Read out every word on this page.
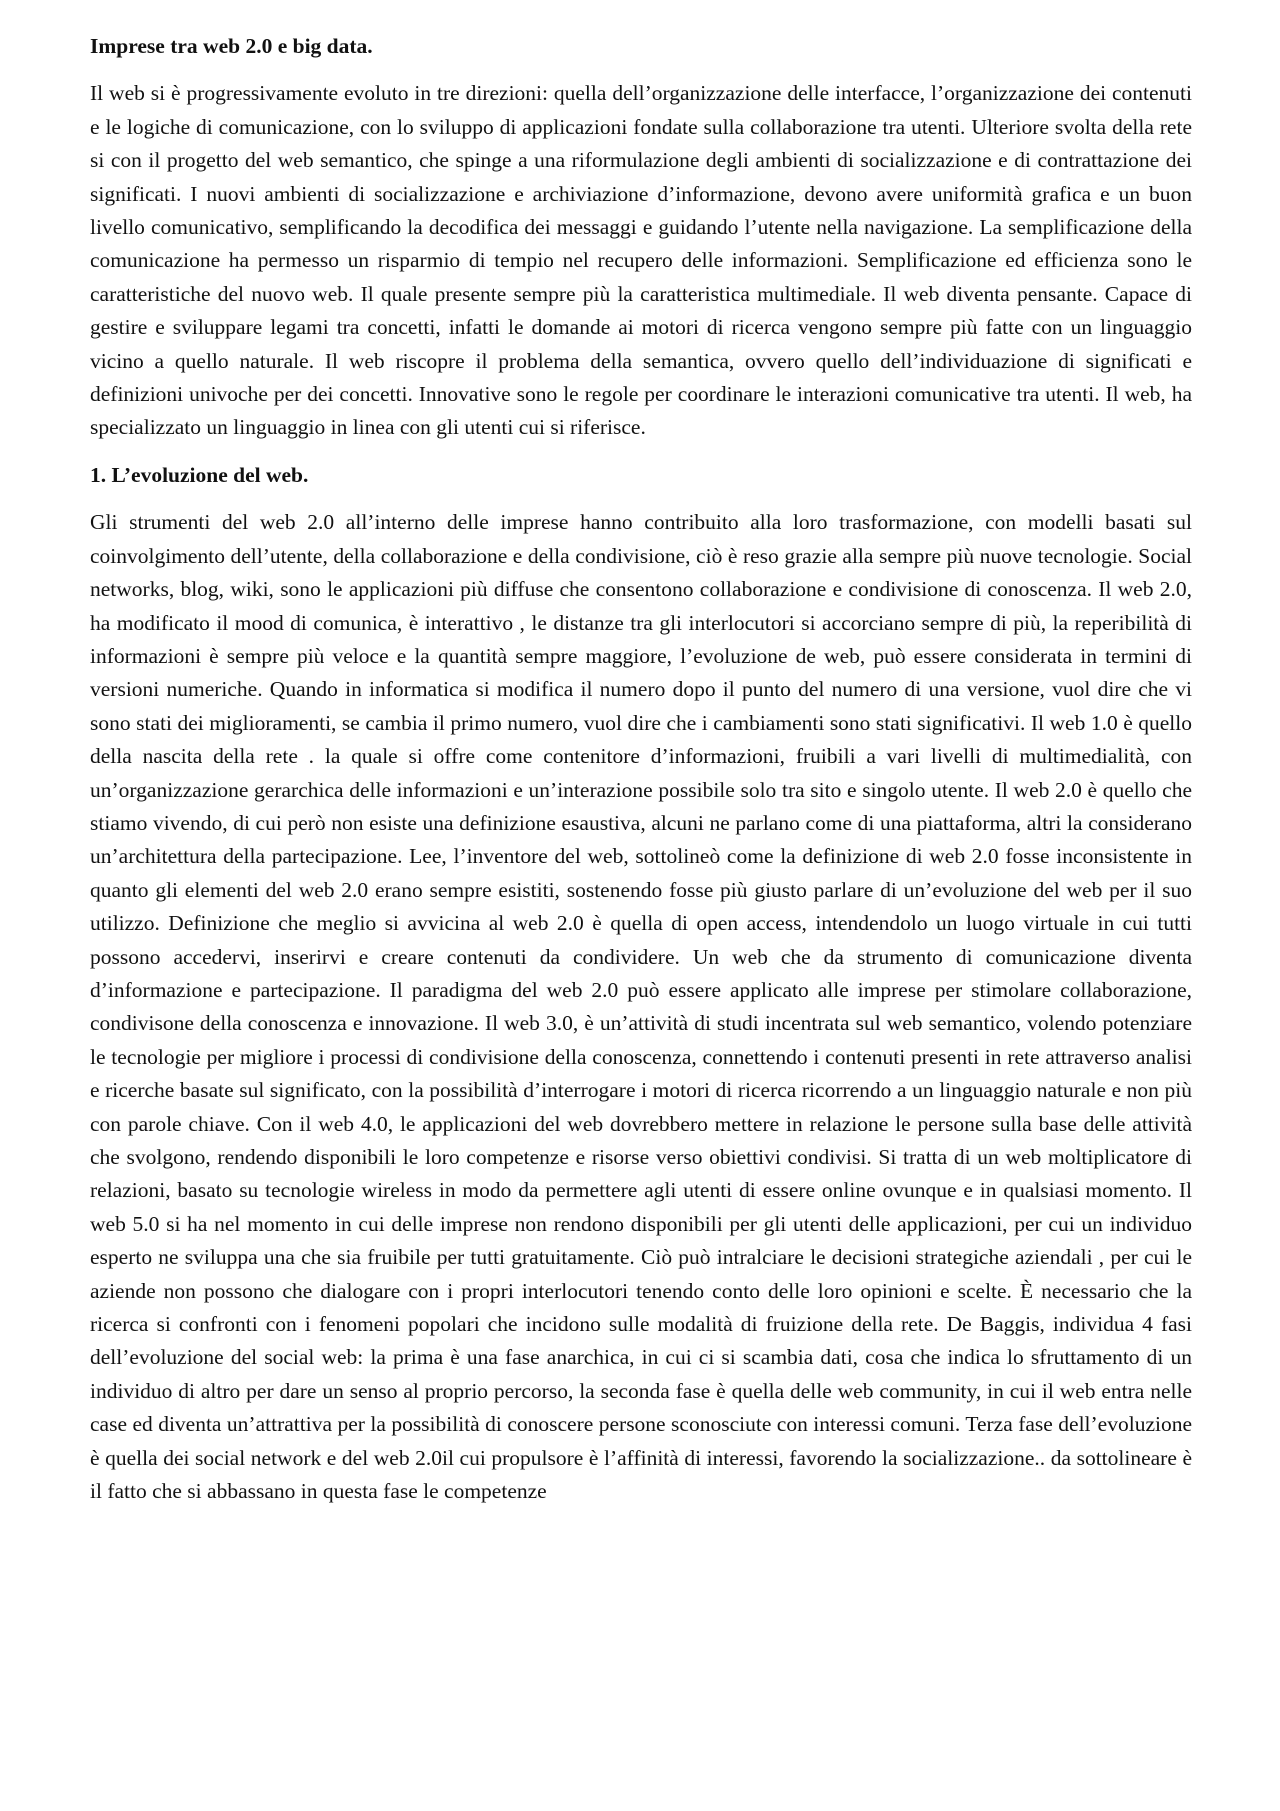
Imprese tra web 2.0 e big data.
Il web si è progressivamente evoluto in tre direzioni: quella dell’organizzazione delle interfacce, l’organizzazione dei contenuti e le logiche di comunicazione, con lo sviluppo di applicazioni fondate sulla collaborazione tra utenti. Ulteriore svolta della rete si con il progetto del web semantico, che spinge a una riformulazione degli ambienti di socializzazione e di contrattazione dei significati. I nuovi ambienti di socializzazione e archiviazione d’informazione, devono avere uniformità grafica e un buon livello comunicativo, semplificando la decodifica dei messaggi e guidando l’utente nella navigazione. La semplificazione della comunicazione ha permesso un risparmio di tempio nel recupero delle informazioni. Semplificazione ed efficienza sono le caratteristiche del nuovo web. Il quale presente sempre più la caratteristica multimediale. Il web diventa pensante. Capace di gestire e sviluppare legami tra concetti, infatti le domande ai motori di ricerca vengono sempre più fatte con un linguaggio vicino a quello naturale. Il web riscopre il problema della semantica, ovvero quello dell’individuazione di significati e definizioni univoche per dei concetti. Innovative sono le regole per coordinare le interazioni comunicative tra utenti. Il web, ha specializzato un linguaggio in linea con gli utenti cui si riferisce.
1. L’evoluzione del web.
Gli strumenti del web 2.0 all’interno delle imprese hanno contribuito alla loro trasformazione, con modelli basati sul coinvolgimento dell’utente, della collaborazione e della condivisione, ciò è reso grazie alla sempre più nuove tecnologie. Social networks, blog, wiki, sono le applicazioni più diffuse che consentono collaborazione e condivisione di conoscenza. Il web 2.0, ha modificato il mood di comunica, è interattivo , le distanze tra gli interlocutori si accorciano sempre di più, la reperibilità di informazioni è sempre più veloce e la quantità sempre maggiore, l’evoluzione de web, può essere considerata in termini di versioni numeriche. Quando in informatica si modifica il numero dopo il punto del numero di una versione, vuol dire che vi sono stati dei miglioramenti, se cambia il primo numero, vuol dire che i cambiamenti sono stati significativi. Il web 1.0 è quello della nascita della rete . la quale si offre come contenitore d’informazioni, fruibili a vari livelli di multimedialità, con un’organizzazione gerarchica delle informazioni e un’interazione possibile solo tra sito e singolo utente. Il web 2.0 è quello che stiamo vivendo, di cui però non esiste una definizione esaustiva, alcuni ne parlano come di una piattaforma, altri la considerano un’architettura della partecipazione. Lee, l’inventore del web, sottolineò come la definizione di web 2.0 fosse inconsistente in quanto gli elementi del web 2.0 erano sempre esistiti, sostenendo fosse più giusto parlare di un’evoluzione del web per il suo utilizzo. Definizione che meglio si avvicina al web 2.0 è quella di open access, intendendolo un luogo virtuale in cui tutti possono accedervi, inserirvi e creare contenuti da condividere. Un web che da strumento di comunicazione diventa d’informazione e partecipazione. Il paradigma del web 2.0 può essere applicato alle imprese per stimolare collaborazione, condivisone della conoscenza e innovazione. Il web 3.0, è un’attività di studi incentrata sul web semantico, volendo potenziare le tecnologie per migliore i processi di condivisione della conoscenza, connettendo i contenuti presenti in rete attraverso analisi e ricerche basate sul significato, con la possibilità d’interrogare i motori di ricerca ricorrendo a un linguaggio naturale e non più con parole chiave. Con il web 4.0, le applicazioni del web dovrebbero mettere in relazione le persone sulla base delle attività che svolgono, rendendo disponibili le loro competenze e risorse verso obiettivi condivisi. Si tratta di un web moltiplicatore di relazioni, basato su tecnologie wireless in modo da permettere agli utenti di essere online ovunque e in qualsiasi momento. Il web 5.0 si ha nel momento in cui delle imprese non rendono disponibili per gli utenti delle applicazioni, per cui un individuo esperto ne sviluppa una che sia fruibile per tutti gratuitamente. Ciò può intralciare le decisioni strategiche aziendali , per cui le aziende non possono che dialogare con i propri interlocutori tenendo conto delle loro opinioni e scelte. È necessario che la ricerca si confronti con i fenomeni popolari che incidono sulle modalità di fruizione della rete. De Baggis, individua 4 fasi dell’evoluzione del social web: la prima è una fase anarchica, in cui ci si scambia dati, cosa che indica lo sfruttamento di un individuo di altro per dare un senso al proprio percorso, la seconda fase è quella delle web community, in cui il web entra nelle case ed diventa un’attrattiva per la possibilità di conoscere persone sconosciute con interessi comuni. Terza fase dell’evoluzione è quella dei social network e del web 2.0il cui propulsore è l’affinità di interessi, favorendo la socializzazione.. da sottolineare è il fatto che si abbassano in questa fase le competenze
